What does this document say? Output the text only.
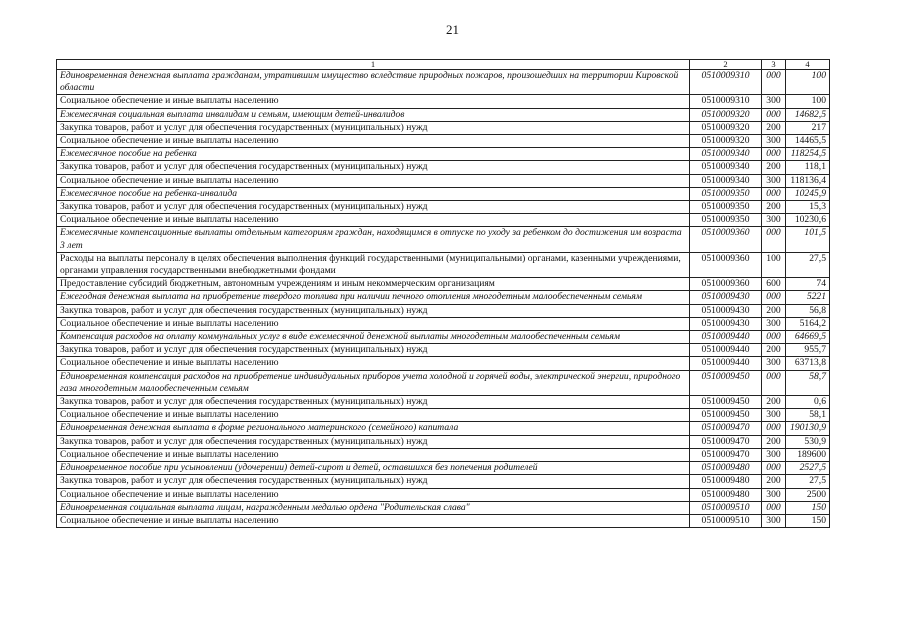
21
1	2	3	4
Единовременная денежная выплата гражданам, утратившим имущество вследствие природных пожаров, произошедших на территории Кировской области	0510009310	000	100
Социальное обеспечение и иные выплаты населению	0510009310	300	100
Ежемесячная социальная выплата инвалидам и семьям, имеющим детей-инвалидов	0510009320	000	14682,5
Закупка товаров, работ и услуг для обеспечения государственных (муниципальных) нужд	0510009320	200	217
Социальное обеспечение и иные выплаты населению	0510009320	300	14465,5
Ежемесячное пособие на ребенка	0510009340	000	118254,5
Закупка товаров, работ и услуг для обеспечения государственных (муниципальных) нужд	0510009340	200	118,1
Социальное обеспечение и иные выплаты населению	0510009340	300	118136,4
Ежемесячное пособие на ребенка-инвалида	0510009350	000	10245,9
Закупка товаров, работ и услуг для обеспечения государственных (муниципальных) нужд	0510009350	200	15,3
Социальное обеспечение и иные выплаты населению	0510009350	300	10230,6
Ежемесячные компенсационные выплаты отдельным категориям граждан, находящимся в отпуске по уходу за ребенком до достижения им возраста 3 лет	0510009360	000	101,5
Расходы на выплаты персоналу в целях обеспечения выполнения функций государственными (муниципальными) органами, казенными учреждениями, органами управления государственными внебюджетными фондами	0510009360	100	27,5
Предоставление субсидий бюджетным, автономным учреждениям и иным некоммерческим организациям	0510009360	600	74
Ежегодная денежная выплата на приобретение твердого топлива при наличии печного отопления многодетным малообеспеченным семьям	0510009430	000	5221
Закупка товаров, работ и услуг для обеспечения государственных (муниципальных) нужд	0510009430	200	56,8
Социальное обеспечение и иные выплаты населению	0510009430	300	5164,2
Компенсация расходов на оплату коммунальных услуг в виде ежемесячной денежной выплаты многодетным малообеспеченным семьям	0510009440	000	64669,5
Закупка товаров, работ и услуг для обеспечения государственных (муниципальных) нужд	0510009440	200	955,7
Социальное обеспечение и иные выплаты населению	0510009440	300	63713,8
Единовременная компенсация расходов на приобретение индивидуальных приборов учета холодной и горячей воды, электрической энергии, природного газа многодетным малообеспеченным семьям	0510009450	000	58,7
Закупка товаров, работ и услуг для обеспечения государственных (муниципальных) нужд	0510009450	200	0,6
Социальное обеспечение и иные выплаты населению	0510009450	300	58,1
Единовременная денежная выплата в форме регионального материнского (семейного) капитала	0510009470	000	190130,9
Закупка товаров, работ и услуг для обеспечения государственных (муниципальных) нужд	0510009470	200	530,9
Социальное обеспечение и иные выплаты населению	0510009470	300	189600
Единовременное пособие при усыновлении (удочерении) детей-сирот и детей, оставшихся без попечения родителей	0510009480	000	2527,5
Закупка товаров, работ и услуг для обеспечения государственных (муниципальных) нужд	0510009480	200	27,5
Социальное обеспечение и иные выплаты населению	0510009480	300	2500
Единовременная социальная выплата лицам, награжденным медалью ордена "Родительская слава"	0510009510	000	150
Социальное обеспечение и иные выплаты населению	0510009510	300	150
